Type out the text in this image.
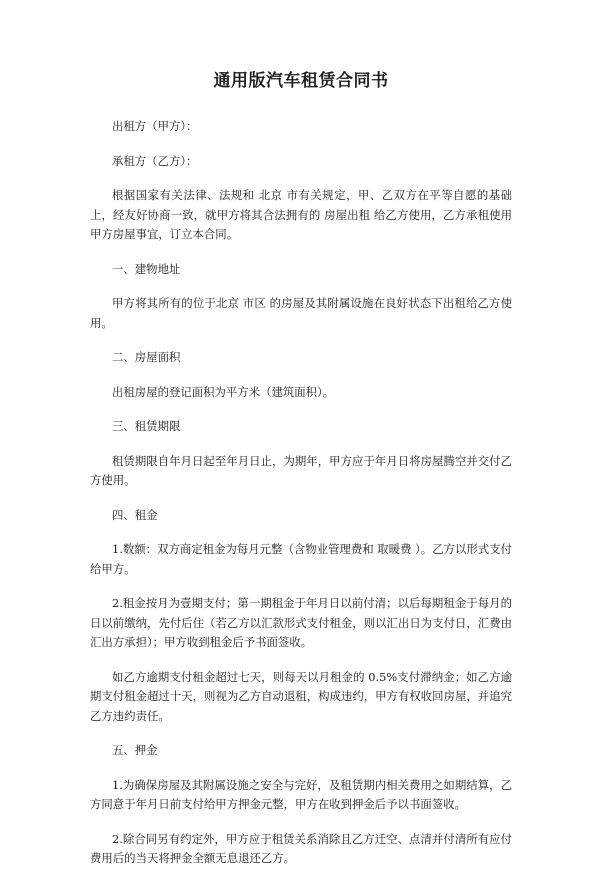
通用版汽车租赁合同书

出租方（甲方）：

承租方（乙方）：

根据国家有关法律、法规和 北京 市有关规定，甲、乙双方在平等自愿的基础上，经友好协商一致，就甲方将其合法拥有的 房屋出租 给乙方使用，乙方承租使用甲方房屋事宜，订立本合同。

一、建物地址

甲方将其所有的位于北京 市区 的房屋及其附属设施在良好状态下出租给乙方使用。

二、房屋面积

出租房屋的登记面积为平方米（建筑面积）。

三、租赁期限

租赁期限自年月日起至年月日止，为期年，甲方应于年月日将房屋腾空并交付乙方使用。

四、租金

1.数额：双方商定租金为每月元整（含物业管理费和 取暖费 ）。乙方以形式支付给甲方。

2.租金按月为壹期支付；第一期租金于年月日以前付清；以后每期租金于每月的日以前缴纳，先付后住（若乙方以汇款形式支付租金，则以汇出日为支付日，汇费由汇出方承担）；甲方收到租金后予书面签收。

如乙方逾期支付租金超过七天，则每天以月租金的 0.5%支付滞纳金；如乙方逾期支付租金超过十天，则视为乙方自动退租，构成违约，甲方有权收回房屋，并追究乙方违约责任。

五、押金

1.为确保房屋及其附属设施之安全与完好，及租赁期内相关费用之如期结算，乙方同意于年月日前支付给甲方押金元整，甲方在收到押金后予以书面签收。

2.除合同另有约定外，甲方应于租赁关系消除且乙方迁空、点清并付清所有应付费用后的当天将押金全额无息退还乙方。
